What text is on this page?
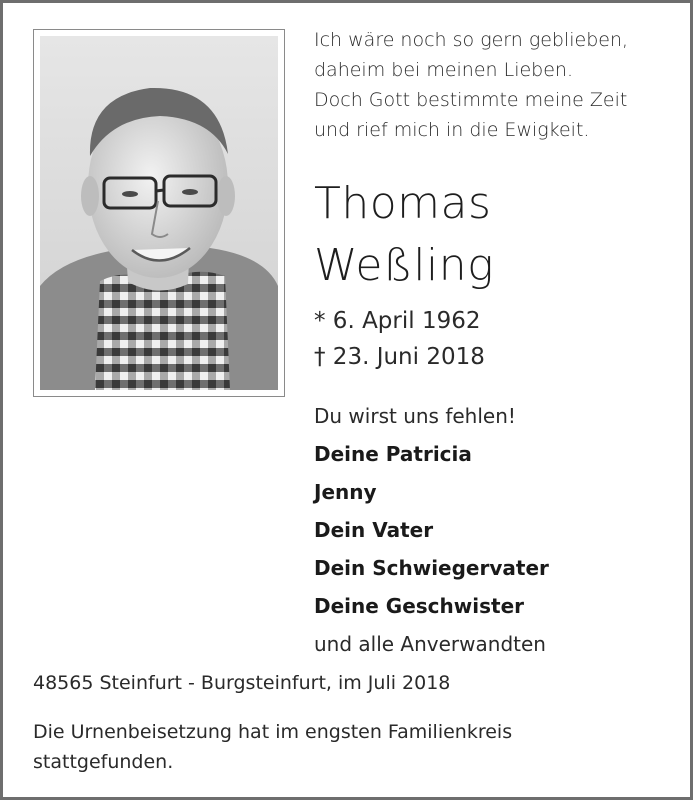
Ich wäre noch so gern geblieben,
daheim bei meinen Lieben.
Doch Gott bestimmte meine Zeit
und rief mich in die Ewigkeit.
Thomas
Weßling
* 6. April 1962
† 23. Juni 2018
Du wirst uns fehlen!
Deine Patricia
Jenny
Dein Vater
Dein Schwiegervater
Deine Geschwister
und alle Anverwandten
48565 Steinfurt - Burgsteinfurt, im Juli 2018
Die Urnenbeisetzung hat im engsten Familienkreis stattgefunden.
